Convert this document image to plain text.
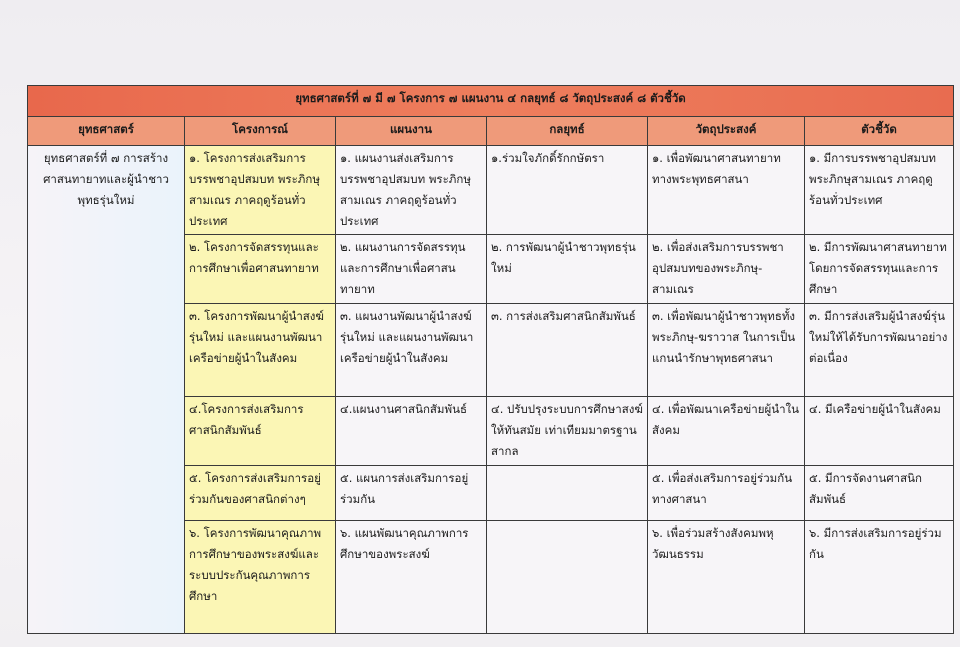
ยุทธศาสตร์ที่ ๗ มี ๗ โครงการ ๗ แผนงาน ๔ กลยุทธ์ ๘ วัตถุประสงค์ ๘ ตัวชี้วัด					
ยุทธศาสตร์	โครงการณ์	แผนงาน	กลยุทธ์	วัตถุประสงค์	ตัวชี้วัด

ยุทธศาสตร์ที่ ๗ การสร้างศาสนทายาทและผู้นำชาวพุทธรุ่นใหม่	๑. โครงการส่งเสริมการบรรพชาอุปสมบท พระภิกษุสามเณร ภาคฤดูร้อนทั่วประเทศ	๑. แผนงานส่งเสริมการบรรพชาอุปสมบท พระภิกษุสามเณร ภาคฤดูร้อนทั่วประเทศ	๑.ร่วมใจภักดิ์รักกษัตรา	๑. เพื่อพัฒนาศาสนทายาททางพระพุทธศาสนา	๑. มีการบรรพชาอุปสมบท พระภิกษุสามเณร ภาคฤดูร้อนทั่วประเทศ

	๒. โครงการจัดสรรทุนและการศึกษาเพื่อศาสนทายาท	๒. แผนงานการจัดสรรทุนและการศึกษาเพื่อศาสนทายาท	๒. การพัฒนาผู้นำชาวพุทธรุ่นใหม่	๒. เพื่อส่งเสริมการบรรพชาอุปสมบทของพระภิกษุ-สามเณร	๒. มีการพัฒนาศาสนทายาทโดยการจัดสรรทุนและการศึกษา

	๓. โครงการพัฒนาผู้นำสงฆ์รุ่นใหม่ และแผนงานพัฒนาเครือข่ายผู้นำในสังคม	๓. แผนงานพัฒนาผู้นำสงฆ์รุ่นใหม่ และแผนงานพัฒนาเครือข่ายผู้นำในสังคม	๓. การส่งเสริมศาสนิกสัมพันธ์	๓. เพื่อพัฒนาผู้นำชาวพุทธทั้งพระภิกษุ-ฆราวาส ในการเป็นแกนนำรักษาพุทธศาสนา	๓. มีการส่งเสริมผู้นำสงฆ์รุ่นใหม่ให้ได้รับการพัฒนาอย่างต่อเนื่อง

	๔.โครงการส่งเสริมการ ศาสนิกสัมพันธ์	๔.แผนงานศาสนิกสัมพันธ์	๔. ปรับปรุงระบบการศึกษาสงฆ์ให้ทันสมัย เท่าเทียมมาตรฐานสากล	๔. เพื่อพัฒนาเครือข่ายผู้นำในสังคม	๔. มีเครือข่ายผู้นำในสังคม

	๕. โครงการส่งเสริมการอยู่ร่วมกันของศาสนิกต่างๆ	๕. แผนการส่งเสริมการอยู่ร่วมกัน		๕. เพื่อส่งเสริมการอยู่ร่วมกันทางศาสนา	๕. มีการจัดงานศาสนิกสัมพันธ์

	๖. โครงการพัฒนาคุณภาพการศึกษาของพระสงฆ์และระบบประกันคุณภาพการศึกษา	๖. แผนพัฒนาคุณภาพการศึกษาของพระสงฆ์		๖. เพื่อร่วมสร้างสังคมพหุวัฒนธรรม	๖. มีการส่งเสริมการอยู่ร่วมกัน
